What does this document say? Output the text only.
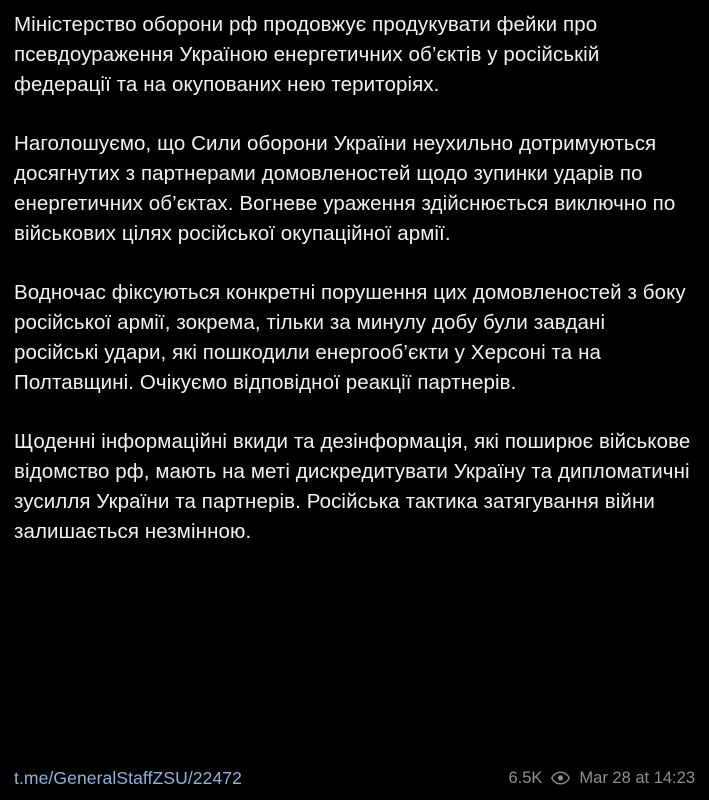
Міністерство оборони рф продовжує продукувати фейки про псевдоураження Україною енергетичних об’єктів у російській федерації та на окупованих нею територіях.

Наголошуємо, що Сили оборони України неухильно дотримуються досягнутих з партнерами домовленостей щодо зупинки ударів по енергетичних об’єктах. Вогневе ураження здійснюється виключно по військових цілях російської окупаційної армії.

Водночас фіксуються конкретні порушення цих домовленостей з боку російської армії, зокрема, тільки за минулу добу були завдані російські удари, які пошкодили енергооб’єкти у Херсоні та на Полтавщині. Очікуємо відповідної реакції партнерів.

Щоденні інформаційні вкиди та дезінформація, які поширює військове відомство рф, мають на меті дискредитувати Україну та дипломатичні зусилля України та партнерів. Російська тактика затягування війни залишається незмінною.

t.me/GeneralStaffZSU/22472	6.5K Mar 28 at 14:23
